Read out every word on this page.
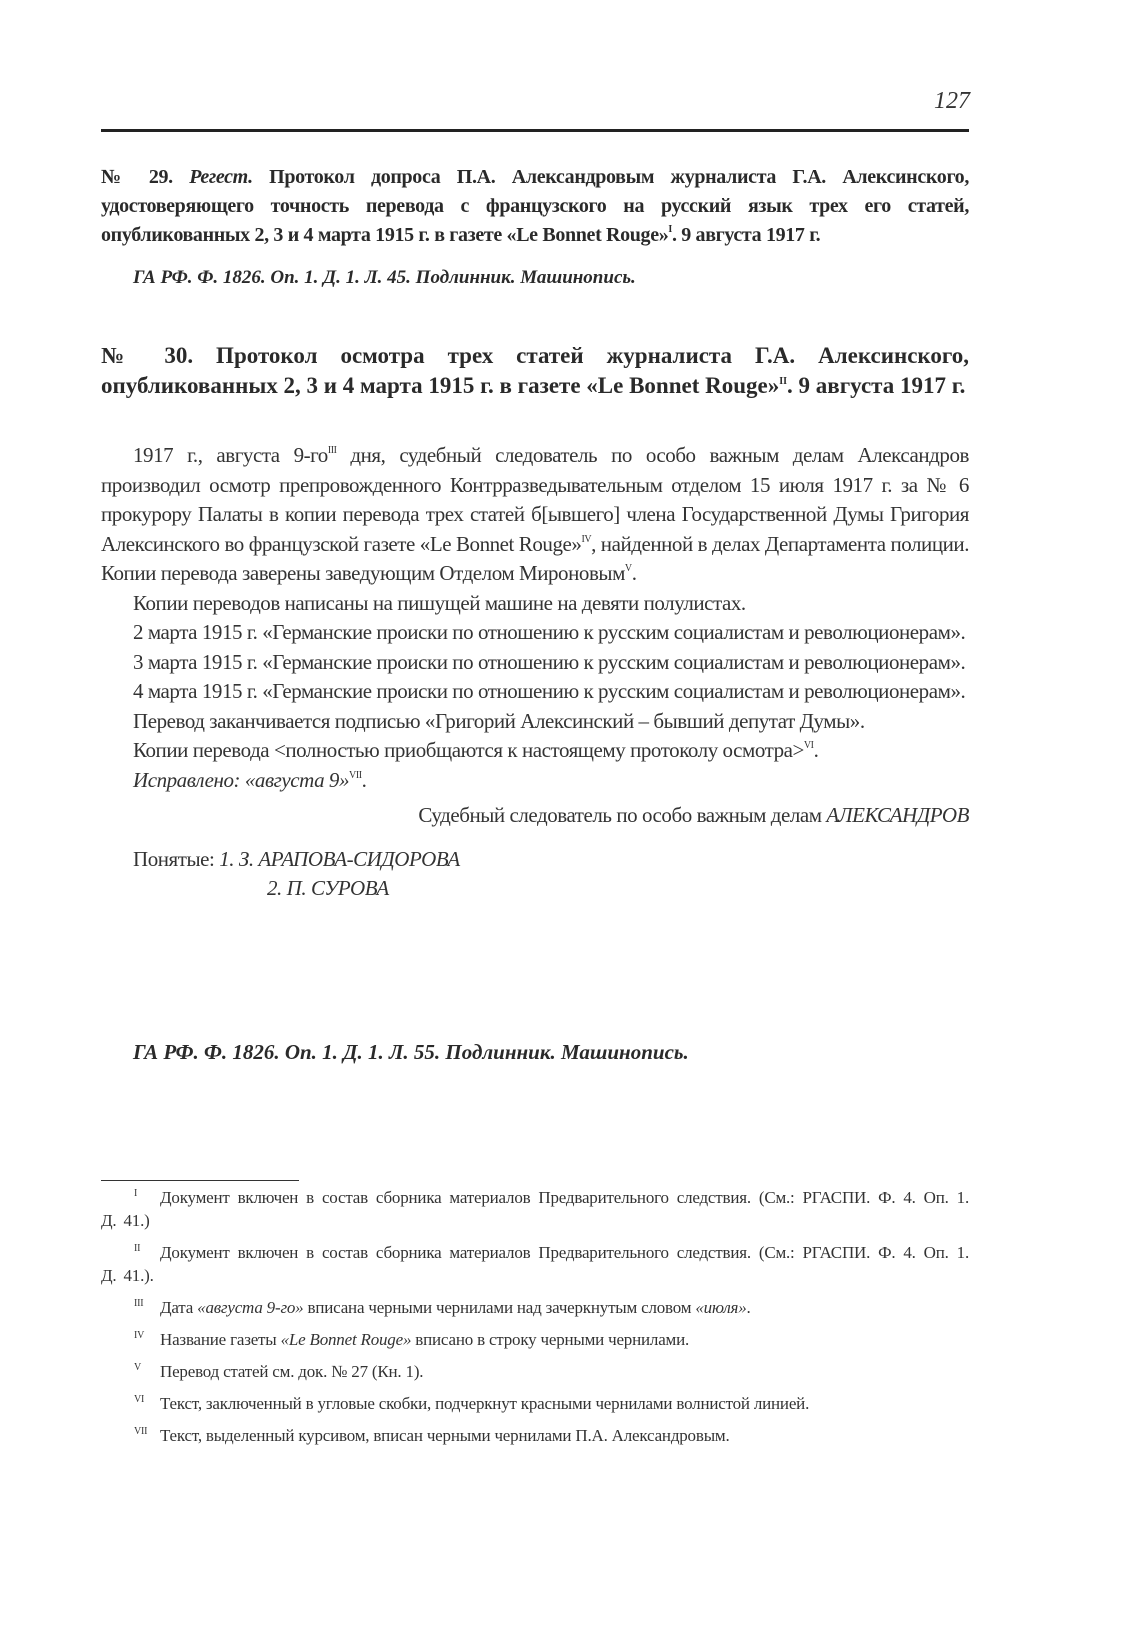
127
№ 29. Регест. Протокол допроса П.А. Александровым журналиста Г.А. Алексинского, удостоверяющего точность перевода с французского на русский язык трех его статей, опубликованных 2, 3 и 4 марта 1915 г. в газете «Le Bonnet Rouge»$^I$. 9 августа 1917 г.
ГА РФ. Ф. 1826. Оп. 1. Д. 1. Л. 45. Подлинник. Машинопись.
№ 30. Протокол осмотра трех статей журналиста Г.А. Алексинского, опубликованных 2, 3 и 4 марта 1915 г. в газете «Le Bonnet Rouge»$^{II}$. 9 августа 1917 г.

1917 г., августа $9-го^{III}$ дня, судебный следователь по особо важным делам Александров производил осмотр препровожденного Контрразведывательным отделом 15 июля 1917 г. за № 6 прокурору Палаты в копии перевода трех статей б[ывшего] члена Государственной Думы Григория Алексинского во французской газете «Le Bonnet Rouge»$^{IV}$, найденной в делах Департамента полиции. Копии перевода заверены заведующим Отделом Мироновым$^V$.

Копии переводов написаны на пишущей машине на девяти полулистах.

2 марта 1915 г. «Германские происки по отношению к русским социалистам и революционерам».

3 марта 1915 г. «Германские происки по отношению к русским социалистам и революционерам».

4 марта 1915 г. «Германские происки по отношению к русским социалистам и революционерам».

Перевод заканчивается подписью «Григорий Алексинский – бывший депутат Думы».

Копии перевода <полностью приобщаются к настоящему протоколу осмотра>$^{VI}$.

Исправлено: «августа 9»$^{VII}$.

Судебный следователь по особо важным делам АЛЕКСАНДРОВ
Понятые: 1. З. АРАПОВА-СИДОРОВА
2. П. СУРОВА
ГА РФ. Ф. 1826. Оп. 1. Д. 1. Л. 55. Подлинник. Машинопись.

I Документ включен в состав сборника материалов Предварительного следствия. (См.: РГАСПИ. Ф. 4. Оп. 1. Д. 41.)

II Документ включен в состав сборника материалов Предварительного следствия. (См.: РГАСПИ. Ф. 4. Оп. 1. Д. 41.).

III Дата «августа 9-го» вписана черными чернилами над зачеркнутым словом «июля».

IV Название газеты «Le Bonnet Rouge» вписано в строку черными чернилами.

V Перевод статей см. док. № 27 (Кн. 1).

VI Текст, заключенный в угловые скобки, подчеркнут красными чернилами волнистой линией.

VII Текст, выделенный курсивом, вписан черными чернилами П.А. Александровым.
